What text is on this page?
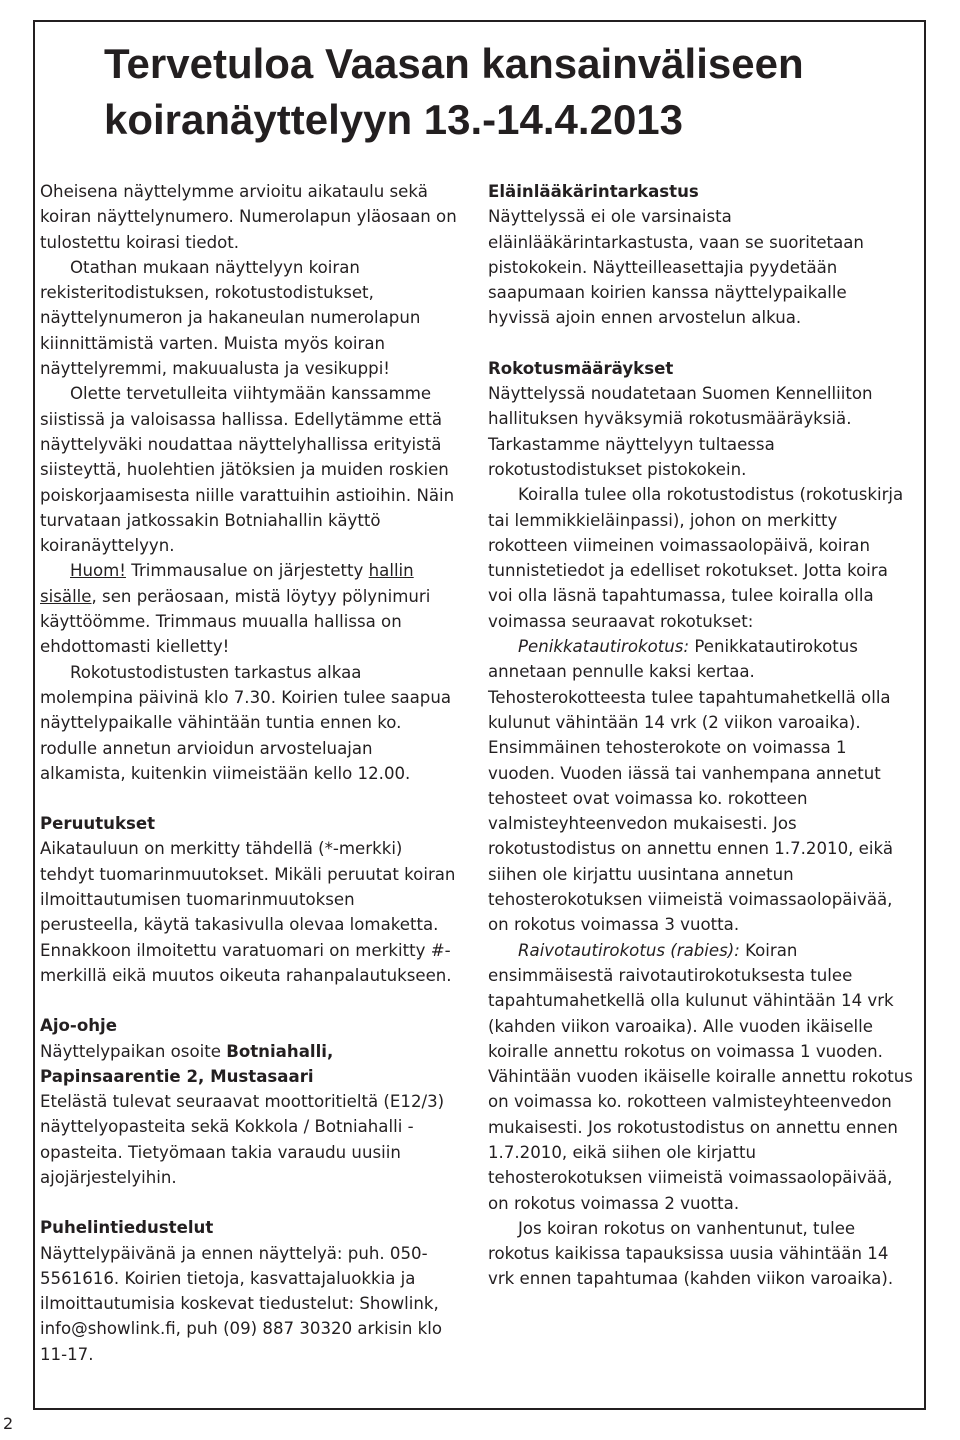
Tervetuloa Vaasan kansainväliseen koiranäyttelyyn 13.-14.4.2013

Oheisena näyttelymme arvioitu aikataulu sekä koiran näyttelynumero. Numerolapun yläosaan on tulostettu koirasi tiedot.

Otathan mukaan näyttelyyn koiran rekisteritodistuksen, rokotustodistukset, näyttelynumeron ja hakaneulan numerolapun kiinnittämistä varten. Muista myös koiran näyttelyremmi, makuualusta ja vesikuppi!

Olette tervetulleita viihtymään kanssamme siistissä ja valoisassa hallissa. Edellytämme että näyttelyväki noudattaa näyttelyhallissa erityistä siisteyttä, huolehtien jätöksien ja muiden roskien poiskorjaamisesta niille varattuihin astioihin. Näin turvataan jatkossakin Botniahallin käyttö koiranäyttelyyn.

Huom! Trimmausalue on järjestetty hallin sisälle, sen peräosaan, mistä löytyy pölynimuri käyttöömme. Trimmaus muualla hallissa on ehdottomasti kielletty!

Rokotustodistusten tarkastus alkaa molempina päivinä klo 7.30. Koirien tulee saapua näyttelypaikalle vähintään tuntia ennen ko. rodulle annetun arvioidun arvosteluajan alkamista, kuitenkin viimeistään kello 12.00.

Peruutukset

Aikatauluun on merkitty tähdellä (*-merkki) tehdyt tuomarinmuutokset. Mikäli peruutat koiran ilmoittautumisen tuomarinmuutoksen perusteella, käytä takasivulla olevaa lomaketta. Ennakkoon ilmoitettu varatuomari on merkitty #-merkillä eikä muutos oikeuta rahanpalautukseen.

Ajo-ohje

Näyttelypaikan osoite Botniahalli, Papinsaarentie 2, Mustasaari

Etelästä tulevat seuraavat moottoritieltä (E12/3) näyttelyopasteita sekä Kokkola / Botniahalli -opasteita. Tietyömaan takia varaudu uusiin ajojärjestelyihin.

Puhelintiedustelut

Näyttelypäivänä ja ennen näyttelyä: puh. 050-5561616. Koirien tietoja, kasvattajaluokkia ja ilmoittautumisia koskevat tiedustelut: Showlink, info@showlink.fi, puh (09) 887 30320 arkisin klo 11-17.

Eläinlääkärintarkastus

Näyttelyssä ei ole varsinaista eläinlääkärintarkastusta, vaan se suoritetaan pistokokein. Näytteilleasettajia pyydetään saapumaan koirien kanssa näyttelypaikalle hyvissä ajoin ennen arvostelun alkua.

Rokotusmääräykset

Näyttelyssä noudatetaan Suomen Kennelliiton hallituksen hyväksymiä rokotusmääräyksiä. Tarkastamme näyttelyyn tultaessa rokotustodistukset pistokokein.

Koiralla tulee olla rokotustodistus (rokotuskirja tai lemmikkieläinpassi), johon on merkitty rokotteen viimeinen voimassaolopäivä, koiran tunnistetiedot ja edelliset rokotukset. Jotta koira voi olla läsnä tapahtumassa, tulee koiralla olla voimassa seuraavat rokotukset:

Penikkatautirokotus: Penikkatautirokotus annetaan pennulle kaksi kertaa. Tehosterokotteesta tulee tapahtumahetkellä olla kulunut vähintään 14 vrk (2 viikon varoaika). Ensimmäinen tehosterokote on voimassa 1 vuoden. Vuoden iässä tai vanhempana annetut tehosteet ovat voimassa ko. rokotteen valmisteyhteenvedon mukaisesti. Jos rokotustodistus on annettu ennen 1.7.2010, eikä siihen ole kirjattu uusintana annetun tehosterokotuksen viimeistä voimassaolopäivää, on rokotus voimassa 3 vuotta.

Raivotautirokotus (rabies): Koiran ensimmäisestä raivotautirokotuksesta tulee tapahtumahetkellä olla kulunut vähintään 14 vrk (kahden viikon varoaika). Alle vuoden ikäiselle koiralle annettu rokotus on voimassa 1 vuoden. Vähintään vuoden ikäiselle koiralle annettu rokotus on voimassa ko. rokotteen valmisteyhteenvedon mukaisesti. Jos rokotustodistus on annettu ennen 1.7.2010, eikä siihen ole kirjattu tehosterokotuksen viimeistä voimassaolopäivää, on rokotus voimassa 2 vuotta.

Jos koiran rokotus on vanhentunut, tulee rokotus kaikissa tapauksissa uusia vähintään 14 vrk ennen tapahtumaa (kahden viikon varoaika).

2
